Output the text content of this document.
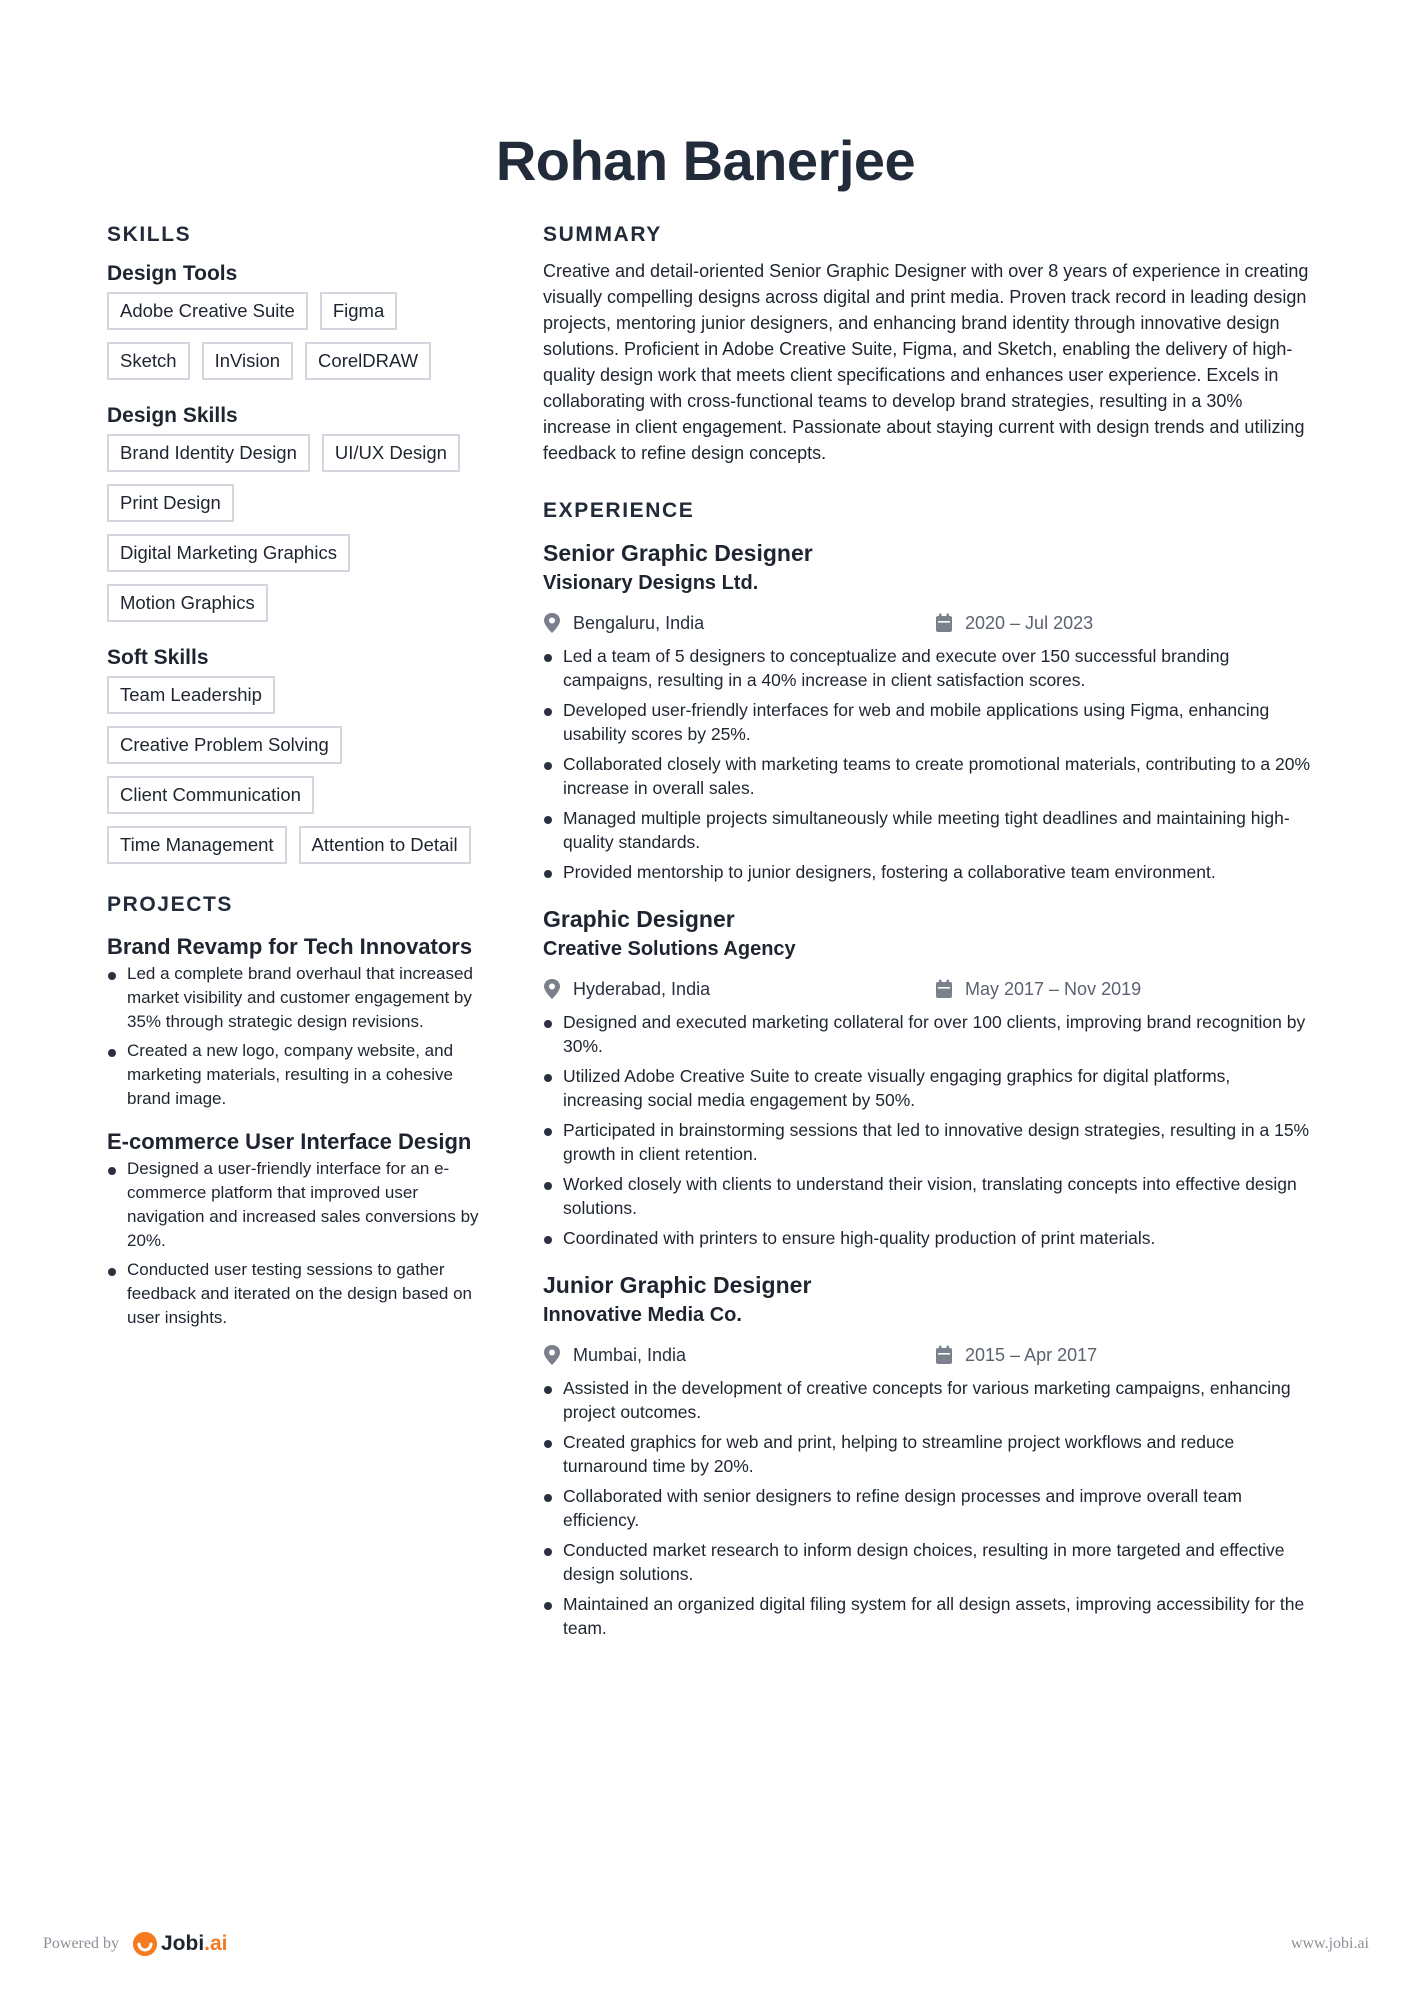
Rohan Banerjee
SKILLS
Design Tools
Adobe Creative Suite	Figma
Sketch	InVision	CorelDRAW
Design Skills
Brand Identity Design	UI/UX Design
Print Design
Digital Marketing Graphics
Motion Graphics
Soft Skills
Team Leadership
Creative Problem Solving
Client Communication
Time Management	Attention to Detail
PROJECTS
Brand Revamp for Tech Innovators
Led a complete brand overhaul that increased market visibility and customer engagement by 35% through strategic design revisions.
Created a new logo, company website, and marketing materials, resulting in a cohesive brand image.
E-commerce User Interface Design
Designed a user-friendly interface for an e-commerce platform that improved user navigation and increased sales conversions by 20%.
Conducted user testing sessions to gather feedback and iterated on the design based on user insights.
SUMMARY
Creative and detail-oriented Senior Graphic Designer with over 8 years of experience in creating visually compelling designs across digital and print media. Proven track record in leading design projects, mentoring junior designers, and enhancing brand identity through innovative design solutions. Proficient in Adobe Creative Suite, Figma, and Sketch, enabling the delivery of high-quality design work that meets client specifications and enhances user experience. Excels in collaborating with cross-functional teams to develop brand strategies, resulting in a 30% increase in client engagement. Passionate about staying current with design trends and utilizing feedback to refine design concepts.
EXPERIENCE
Senior Graphic Designer
Visionary Designs Ltd.
Bengaluru, India	2020 – Jul 2023
Led a team of 5 designers to conceptualize and execute over 150 successful branding campaigns, resulting in a 40% increase in client satisfaction scores.
Developed user-friendly interfaces for web and mobile applications using Figma, enhancing usability scores by 25%.
Collaborated closely with marketing teams to create promotional materials, contributing to a 20% increase in overall sales.
Managed multiple projects simultaneously while meeting tight deadlines and maintaining high-quality standards.
Provided mentorship to junior designers, fostering a collaborative team environment.
Graphic Designer
Creative Solutions Agency
Hyderabad, India	May 2017 – Nov 2019
Designed and executed marketing collateral for over 100 clients, improving brand recognition by 30%.
Utilized Adobe Creative Suite to create visually engaging graphics for digital platforms, increasing social media engagement by 50%.
Participated in brainstorming sessions that led to innovative design strategies, resulting in a 15% growth in client retention.
Worked closely with clients to understand their vision, translating concepts into effective design solutions.
Coordinated with printers to ensure high-quality production of print materials.
Junior Graphic Designer
Innovative Media Co.
Mumbai, India	2015 – Apr 2017
Assisted in the development of creative concepts for various marketing campaigns, enhancing project outcomes.
Created graphics for web and print, helping to streamline project workflows and reduce turnaround time by 20%.
Collaborated with senior designers to refine design processes and improve overall team efficiency.
Conducted market research to inform design choices, resulting in more targeted and effective design solutions.
Maintained an organized digital filing system for all design assets, improving accessibility for the team.
Powered by Jobi.ai	www.jobi.ai
